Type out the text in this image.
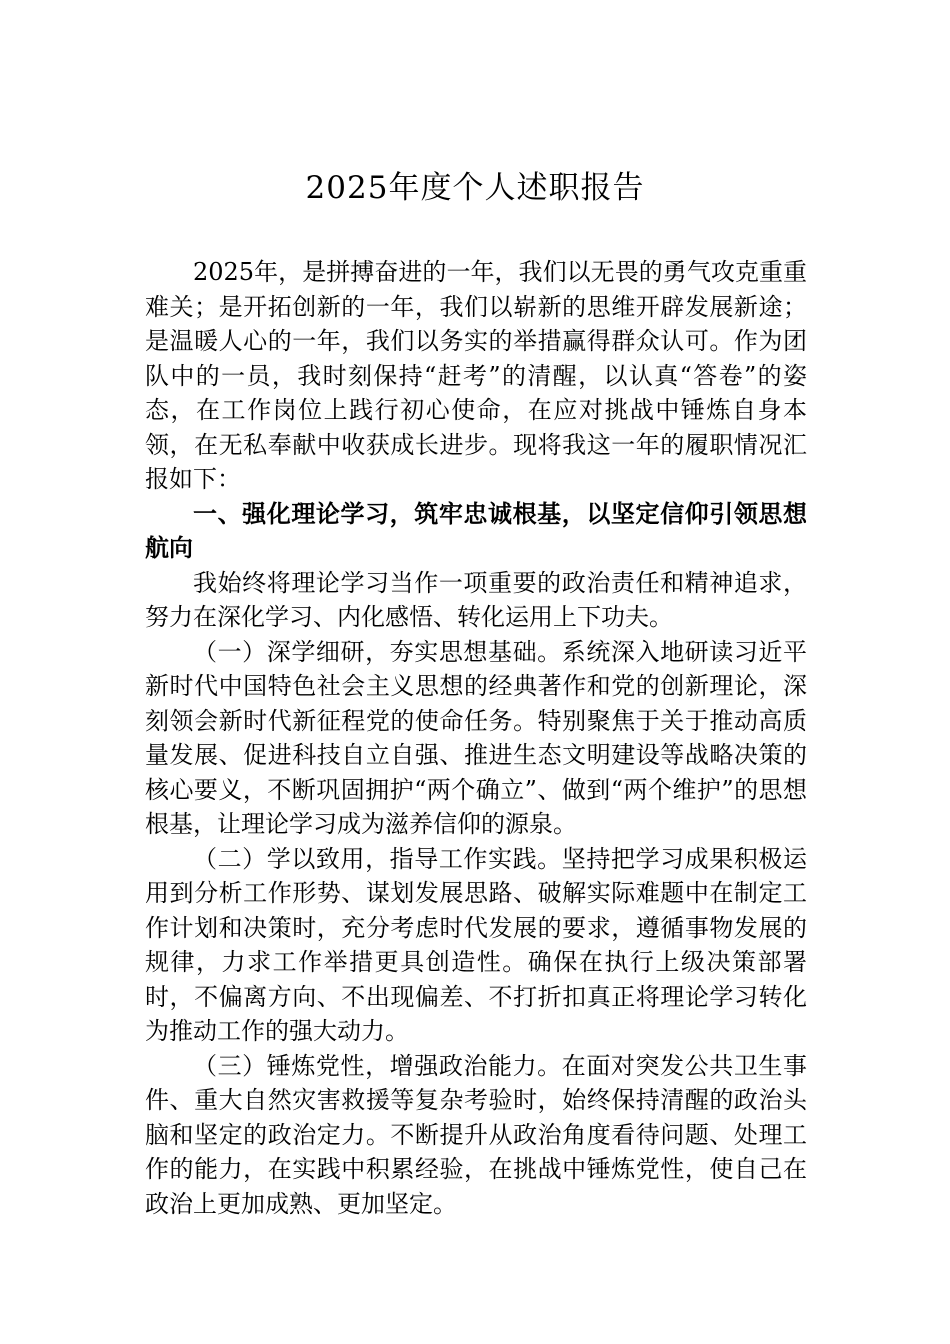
2025年度个人述职报告

2025年，是拼搏奋进的一年，我们以无畏的勇气攻克重重难关；是开拓创新的一年，我们以崭新的思维开辟发展新途；是温暖人心的一年，我们以务实的举措赢得群众认可。作为团队中的一员，我时刻保持“赶考”的清醒，以认真“答卷”的姿态，在工作岗位上践行初心使命，在应对挑战中锤炼自身本领，在无私奉献中收获成长进步。现将我这一年的履职情况汇报如下：

一、强化理论学习，筑牢忠诚根基，以坚定信仰引领思想航向

我始终将理论学习当作一项重要的政治责任和精神追求，努力在深化学习、内化感悟、转化运用上下功夫。

（一）深学细研，夯实思想基础。系统深入地研读习近平新时代中国特色社会主义思想的经典著作和党的创新理论，深刻领会新时代新征程党的使命任务。特别聚焦于关于推动高质量发展、促进科技自立自强、推进生态文明建设等战略决策的核心要义，不断巩固拥护“两个确立”、做到“两个维护”的思想根基，让理论学习成为滋养信仰的源泉。

（二）学以致用，指导工作实践。坚持把学习成果积极运用到分析工作形势、谋划发展思路、破解实际难题中在制定工作计划和决策时，充分考虑时代发展的要求，遵循事物发展的规律，力求工作举措更具创造性。确保在执行上级决策部署时，不偏离方向、不出现偏差、不打折扣真正将理论学习转化为推动工作的强大动力。

（三）锤炼党性，增强政治能力。在面对突发公共卫生事件、重大自然灾害救援等复杂考验时，始终保持清醒的政治头脑和坚定的政治定力。不断提升从政治角度看待问题、处理工作的能力，在实践中积累经验，在挑战中锤炼党性，使自己在政治上更加成熟、更加坚定。
